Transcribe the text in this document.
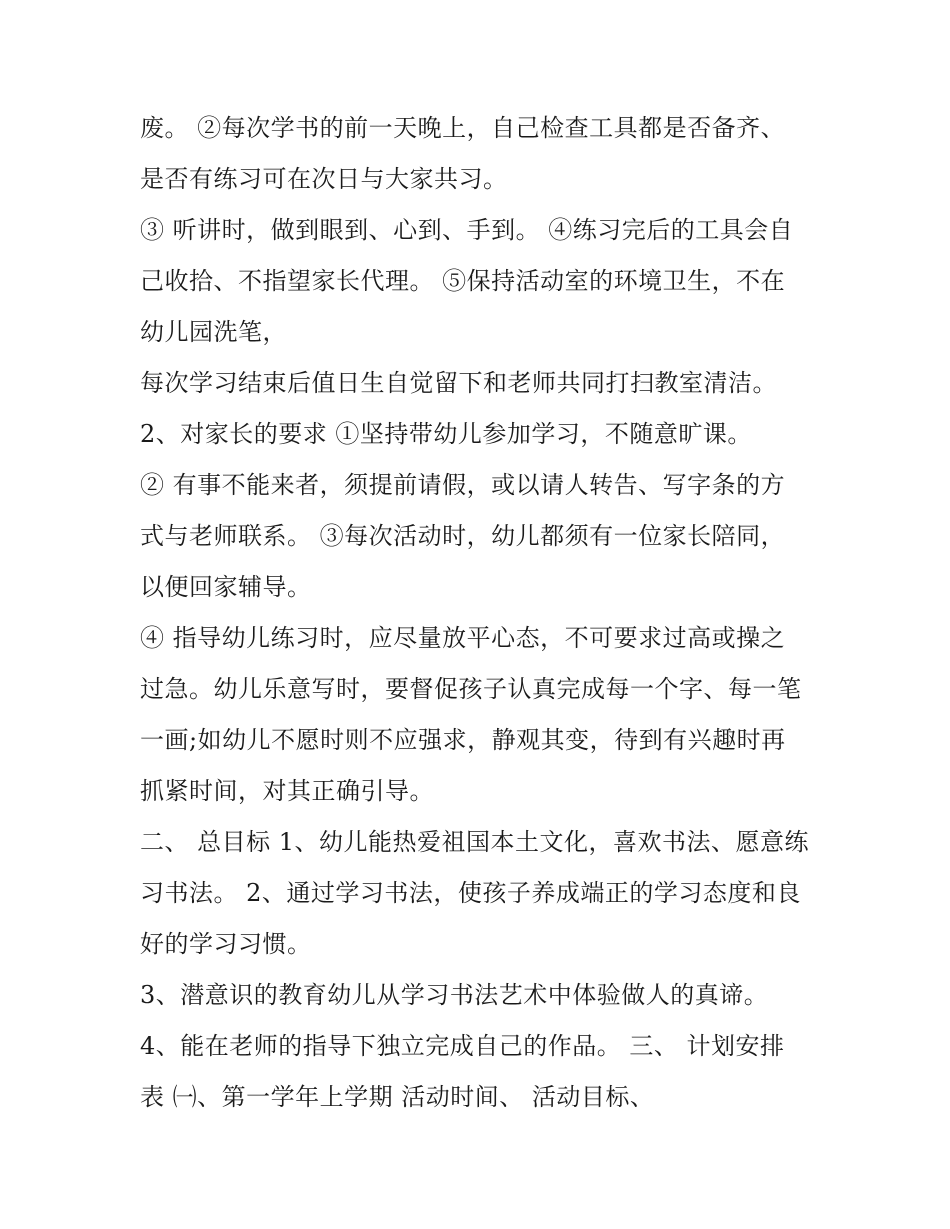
废。 ②每次学书的前一天晚上，自己检查工具都是否备齐、
是否有练习可在次日与大家共习。
③ 听讲时，做到眼到、心到、手到。 ④练习完后的工具会自
己收拾、不指望家长代理。 ⑤保持活动室的环境卫生，不在
幼儿园洗笔，
每次学习结束后值日生自觉留下和老师共同打扫教室清洁。
2、对家长的要求 ①坚持带幼儿参加学习，不随意旷课。
② 有事不能来者，须提前请假，或以请人转告、写字条的方
式与老师联系。 ③每次活动时，幼儿都须有一位家长陪同，
以便回家辅导。
④ 指导幼儿练习时，应尽量放平心态，不可要求过高或操之
过急。幼儿乐意写时，要督促孩子认真完成每一个字、每一笔
一画;如幼儿不愿时则不应强求，静观其变，待到有兴趣时再
抓紧时间，对其正确引导。
二、 总目标 1、幼儿能热爱祖国本土文化，喜欢书法、愿意练
习书法。 2、通过学习书法，使孩子养成端正的学习态度和良
好的学习习惯。
3、潜意识的教育幼儿从学习书法艺术中体验做人的真谛。
4、能在老师的指导下独立完成自己的作品。 三、 计划安排
表 ㈠、第一学年上学期 活动时间、 活动目标、
